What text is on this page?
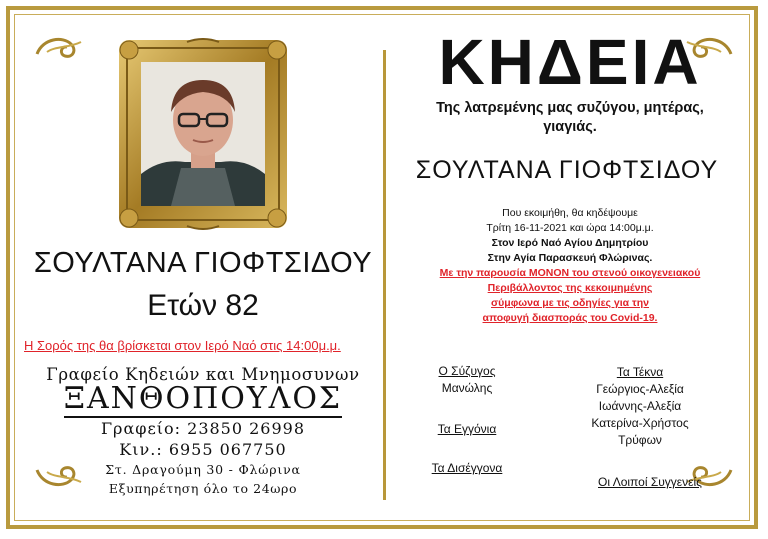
ΣΟΥΛΤΑΝΑ ΓΙΟΦΤΣΙΔΟΥ
Ετών 82
Η Σορός της θα βρίσκεται στον Ιερό Ναό στις 14:00μ.μ.
Γραφείο Κηδειών και Μνημοσυνων
ΞΑΝΘΟΠΟΥΛΟΣ
Γραφείο: 23850 26998
Κιν.: 6955 067750
Στ. Δραγούμη 30 - Φλώρινα
Εξυπηρέτηση όλο το 24ωρο
ΚΗΔΕΙΑ
Της λατρεμένης μας συζύγου, μητέρας,
γιαγιάς.
ΣΟΥΛΤΑΝΑ ΓΙΟΦΤΣΙΔΟΥ
Που εκοιμήθη, θα κηδέψουμε
Τρίτη 16-11-2021 και ώρα 14:00μ.μ.
Στον Ιερό Ναό Αγίου Δημητρίου
Στην Αγία Παρασκευή Φλώρινας.
Με την παρουσία ΜΟΝΟΝ του στενού οικογενειακού
Περιβάλλοντος της κεκοιμημένης
σύμφωνα με τις οδηγίες για την
αποφυγή διασποράς του Covid-19.
Ο Σύζυγος
Μανώλης
Τα Εγγόνια
Τα Δισέγγονα
Τα Τέκνα
Γεώργιος-Αλεξία
Ιωάννης-Αλεξία
Κατερίνα-Χρήστος
Τρύφων
Οι Λοιποί Συγγενείς
